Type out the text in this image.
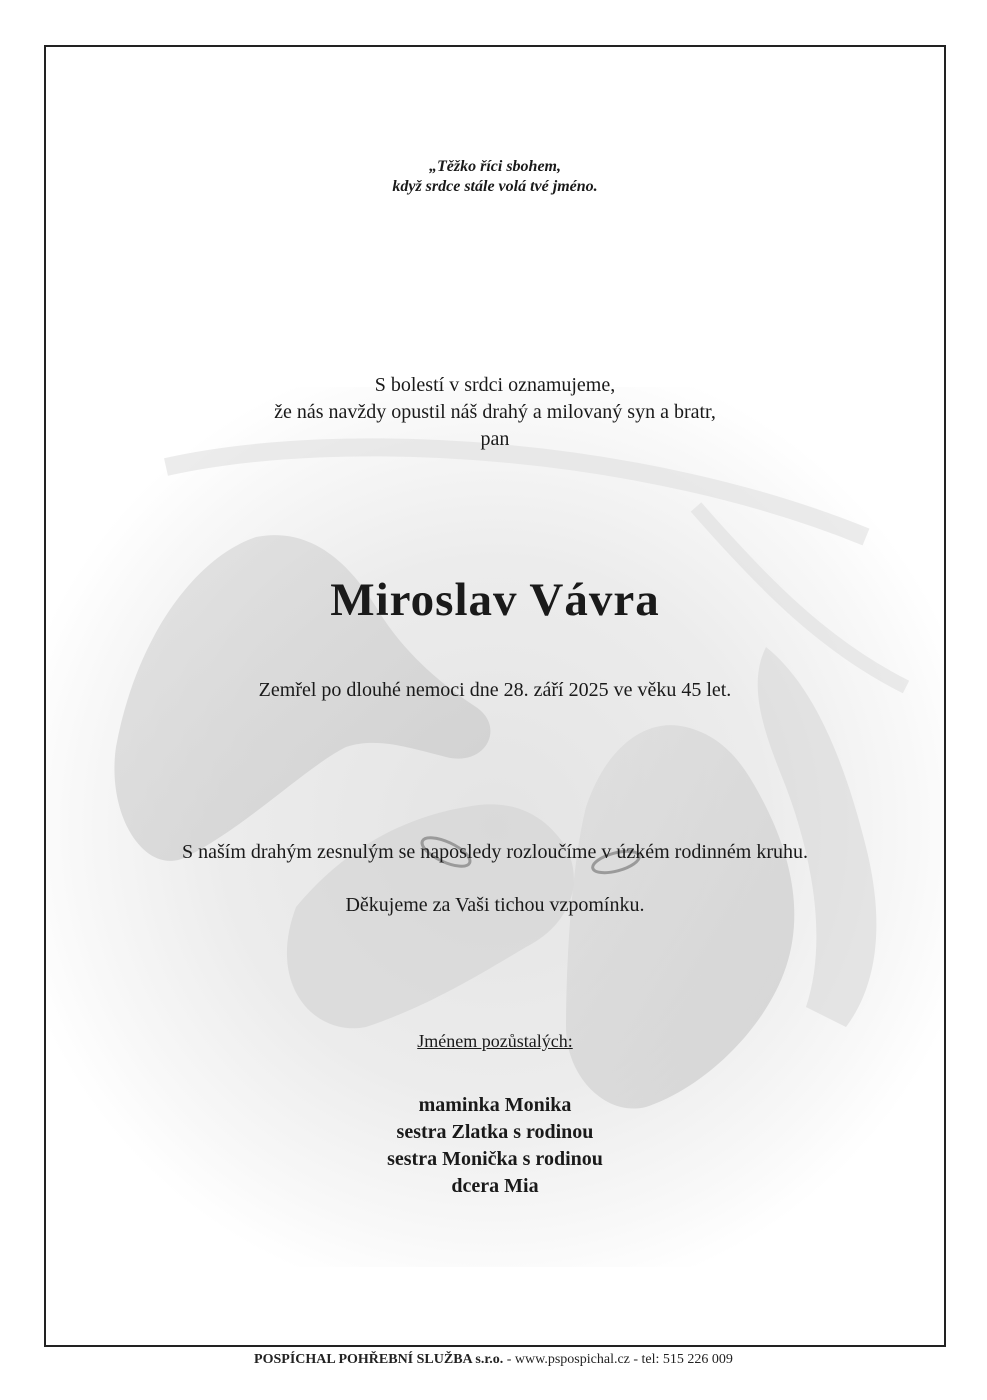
„Těžko říci sbohem,
když srdce stále volá tvé jméno.
S bolestí v srdci oznamujeme,
že nás navždy opustil náš drahý a milovaný syn a bratr,
pan
Miroslav Vávra
Zemřel po dlouhé nemoci dne 28. září 2025 ve věku 45 let.
S naším drahým zesnulým se naposledy rozloučíme v úzkém rodinném kruhu.
Děkujeme za Vaši tichou vzpomínku.
Jménem pozůstalých:
maminka Monika
sestra Zlatka s rodinou
sestra Monička s rodinou
dcera Mia
POSPÍCHAL POHŘEBNÍ SLUŽBA s.r.o. - www.pspospichal.cz - tel: 515 226 009
